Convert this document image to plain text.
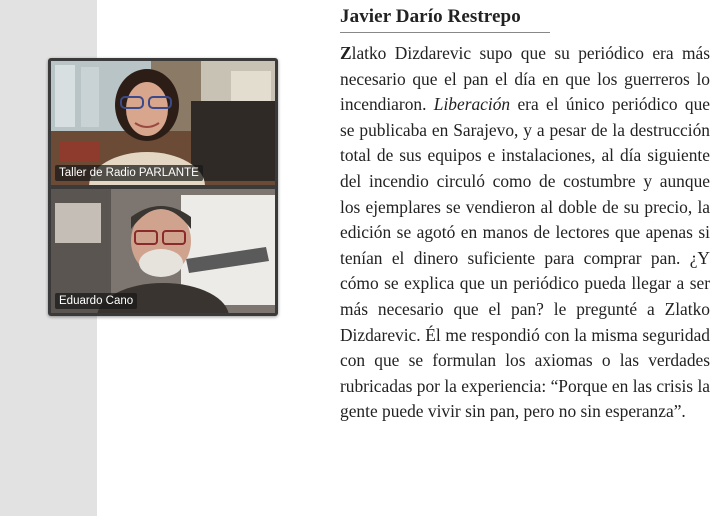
Taller de Radio PARLANTE
Eduardo Cano
Javier Darío Restrepo

Zlatko Dizdarevic supo que su periódico era más necesario que el pan el día en que los guerreros lo incendiaron. Liberación era el único periódico que se publicaba en Sarajevo, y a pesar de la destrucción total de sus equipos e instalaciones, al día siguiente del incendio circuló como de costumbre y aunque los ejemplares se vendieron al doble de su precio, la edición se agotó en manos de lectores que apenas si tenían el dinero suficiente para comprar pan. ¿Y cómo se explica que un periódico pueda llegar a ser más necesario que el pan? le pregunté a Zlatko Dizdarevic. Él me respondió con la misma seguridad con que se formulan los axiomas o las verdades rubricadas por la experiencia: “Porque en las crisis la gente puede vivir sin pan, pero no sin esperanza”.
